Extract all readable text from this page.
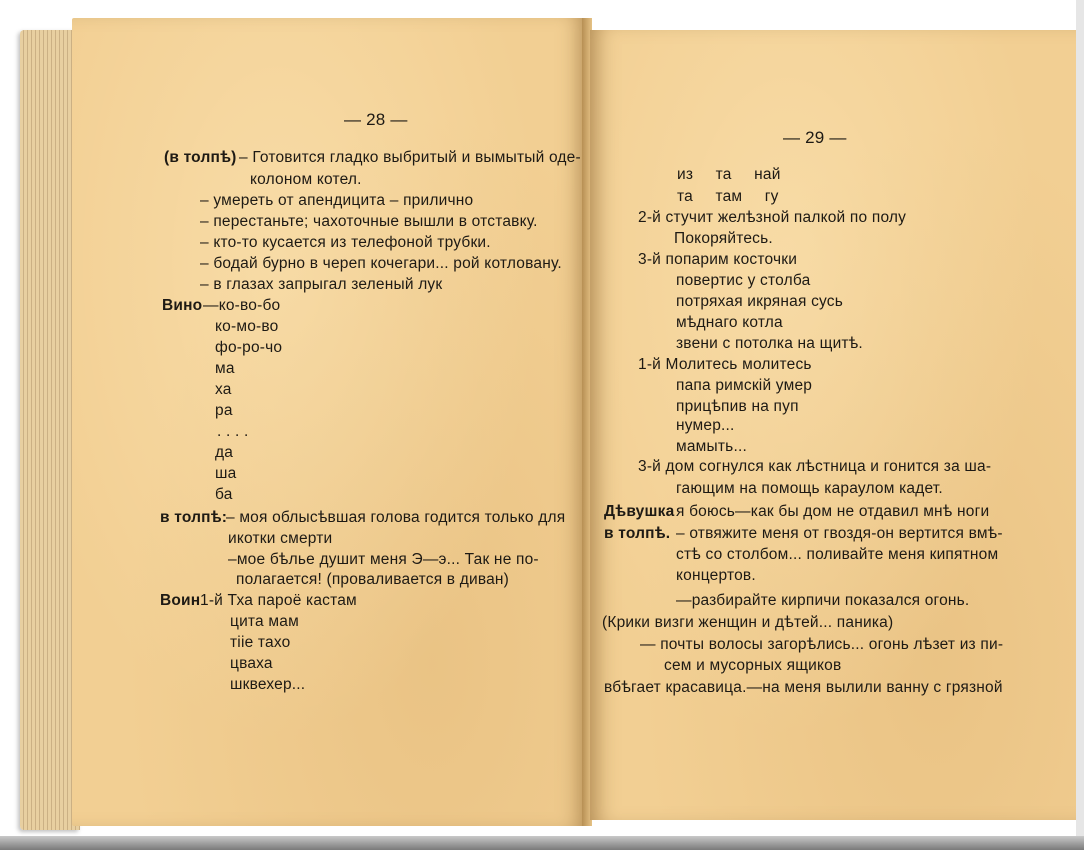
— 28 —
(в толпѣ) – Готовится гладко выбритый и вымытый оде-
колоном котел.
– умереть от апендицита – прилично
– перестаньте; чахоточные вышли в отставку.
– кто-то кусается из телефоной трубки.
– бодай бурно в череп кочегари... рой котловану.
– в глазах запрыгал зеленый лук
Вино —ко-во-бо
ко-мо-во
фо-ро-чо
ма
ха
ра
. . . .
да
ша
ба
в толпѣ:
– моя облысѣвшая голова годится только для
икотки смерти
–мое бѣлье душит меня Э—э... Так не по-
полагается! (проваливается в диван)
Воин 1-й Тха пароё кастам
цита мам
тiiе тахо
цваха
шквехер...
— 29 —
из та най
та там гу
2-й стучит желѣзной палкой по полу
Покоряйтесь.
3-й попарим косточки
повертис у столба
потряхая икряная сусь
мѣднаго котла
звени с потолка на щитѣ.
1-й Молитесь молитесь
папа римскiй умер
прицѣпив на пуп
нумер...
мамыть...
3-й дом согнулся как лѣстница и гонится за ша-
гающим на помощь караулом кадет.
Дѣвушка я боюсь—как бы дом не отдавил мнѣ ноги
в толпѣ. – отвяжите меня от гвоздя-он вертится вмѣ-
стѣ со столбом... поливайте меня кипятном
концертов.
—разбирайте кирпичи показался огонь.
(Крики визги женщин и дѣтей... паника)
— почты волосы загорѣлись... огонь лѣзет из пи-
сем и мусорных ящиков
вбѣгает красавица.—на меня вылили ванну с грязной
